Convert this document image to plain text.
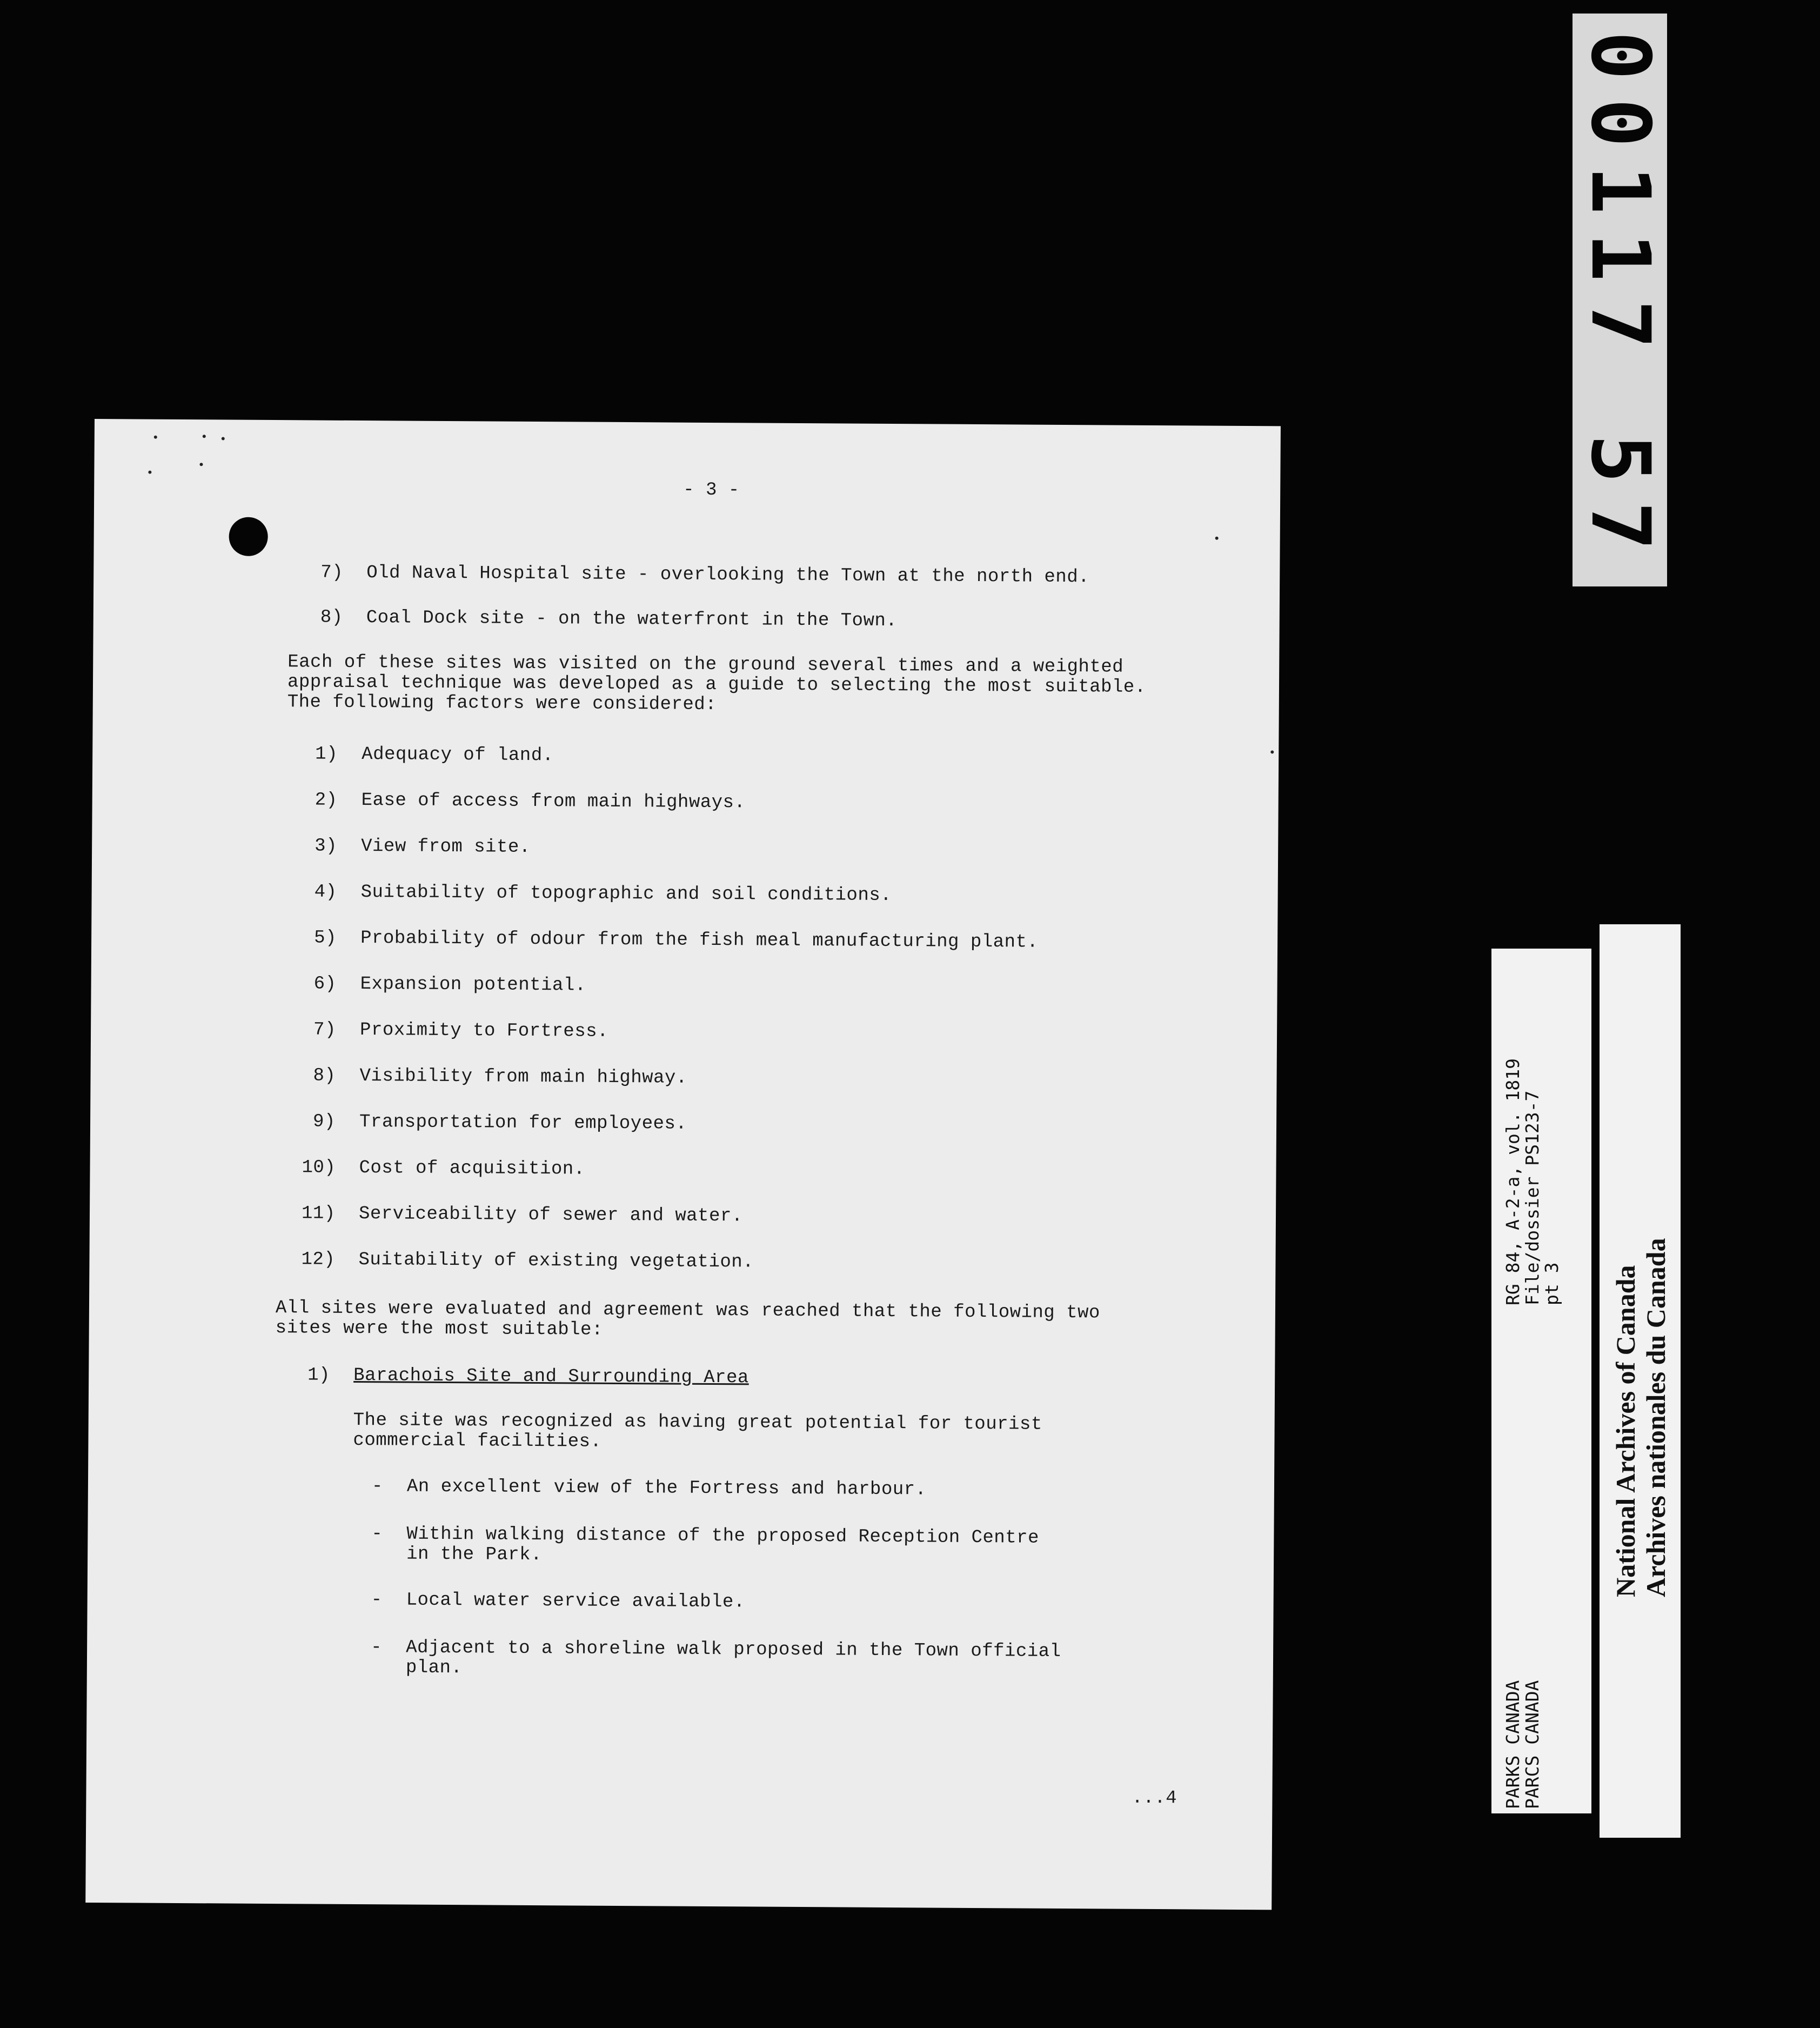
00117 57
- 3 -
7) Old Naval Hospital site - overlooking the Town at the north end.
8) Coal Dock site - on the waterfront in the Town.
Each of these sites was visited on the ground several times and a weighted
appraisal technique was developed as a guide to selecting the most suitable.
The following factors were considered:
1) Adequacy of land.
2) Ease of access from main highways.
3) View from site.
4) Suitability of topographic and soil conditions.
5) Probability of odour from the fish meal manufacturing plant.
6) Expansion potential.
7) Proximity to Fortress.
8) Visibility from main highway.
9) Transportation for employees.
10) Cost of acquisition.
11) Serviceability of sewer and water.
12) Suitability of existing vegetation.
All sites were evaluated and agreement was reached that the following two
sites were the most suitable:
1) Barachois Site and Surrounding Area
The site was recognized as having great potential for tourist
commercial facilities.
- An excellent view of the Fortress and harbour.
- Within walking distance of the proposed Reception Centre
in the Park.
- Local water service available.
- Adjacent to a shoreline walk proposed in the Town official
plan.
...4	PARKS CANADA
PARCS CANADA
RG 84, A-2-a, vol. 1819
File/dossier PS123-7
pt 3 National Archives of Canada
Archives nationales du Canada
